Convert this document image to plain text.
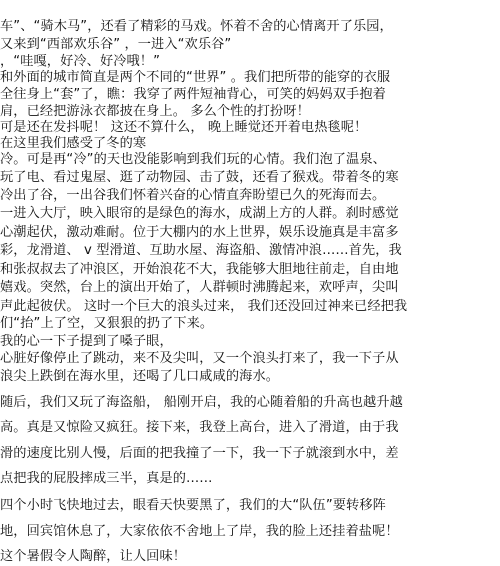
车”、“骑木马”，还看了精彩的马戏。怀着不舍的心情离开了乐园，
又来到“西部欢乐谷” ，一进入“欢乐谷”
，“哇嘎，好冷、好冷哦！”
和外面的城市简直是两个不同的“世界” 。我们把所带的能穿的衣服
全往身上“套”了，瞧：我穿了两件短袖背心，可笑的妈妈双手抱着
肩，已经把游泳衣都披在身上。 多么个性的打扮呀！
可是还在发抖呢！ 这还不算什么， 晚上睡觉还开着电热毯呢！
在这里我们感受了冬的寒
冷。可是再“冷”的天也没能影响到我们玩的心情。我们泡了温泉、
玩了电、看过鬼屋、逛了动物园、击了鼓，还看了猴戏。带着冬的寒
冷出了谷，一出谷我们怀着兴奋的心情直奔盼望已久的死海而去。
一进入大厅，映入眼帘的是绿色的海水，成湖上方的人群。刹时感觉
心潮起伏，激动难耐。位于大棚内的水上世界，娱乐设施真是丰富多
彩，龙滑道、 v 型滑道、互助水屋、海盗船、激情冲浪……首先，我
和张叔叔去了冲浪区，开始浪花不大，我能够大胆地往前走，自由地
嬉戏。突然，台上的演出开始了，人群顿时沸腾起来，欢呼声，尖叫
声此起彼伏。 这时一个巨大的浪头过来， 我们还没回过神来已经把我
们“抬”上了空，又狠狠的扔了下来。
我的心一下子提到了嗓子眼，
心脏好像停止了跳动，来不及尖叫，又一个浪头打来了，我一下子从
浪尖上跌倒在海水里，还喝了几口咸咸的海水。
随后，我们又玩了海盗船， 船刚开启，我的心随着船的升高也越升越
高。真是又惊险又疯狂。接下来，我登上高台，进入了滑道，由于我
滑的速度比别人慢，后面的把我撞了一下，我一下子就滚到水中，差
点把我的屁股摔成三半，真是的……
四个小时飞快地过去，眼看天快要黑了，我们的大“队伍”要转移阵
地，回宾馆休息了，大家依依不舍地上了岸，我的脸上还挂着盐呢！
这个暑假令人陶醉，让人回味！
